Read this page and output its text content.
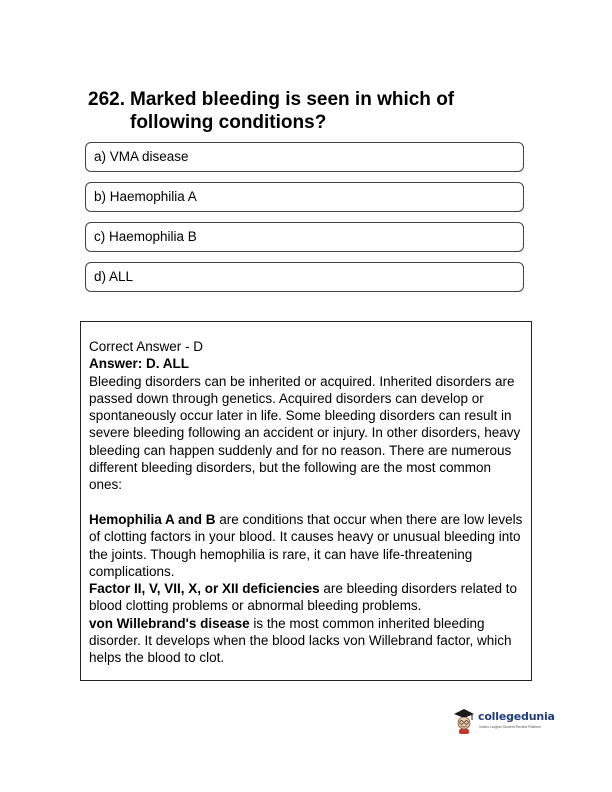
262. Marked bleeding is seen in which of
following conditions?
a) VMA disease
b) Haemophilia A
c) Haemophilia B
d) ALL

Correct Answer - D

Answer: D. ALL

Bleeding disorders can be inherited or acquired. Inherited disorders are passed down through genetics. Acquired disorders can develop or spontaneously occur later in life. Some bleeding disorders can result in severe bleeding following an accident or injury. In other disorders, heavy bleeding can happen suddenly and for no reason. There are numerous different bleeding disorders, but the following are the most common ones:

Hemophilia A and B are conditions that occur when there are low levels of clotting factors in your blood. It causes heavy or unusual bleeding into the joints. Though hemophilia is rare, it can have life-threatening complications.

Factor II, V, VII, X, or XII deficiencies are bleeding disorders related to blood clotting problems or abnormal bleeding problems.

von Willebrand's disease is the most common inherited bleeding disorder. It develops when the blood lacks von Willebrand factor, which helps the blood to clot.

collegedunia
India's Largest Student Review Platform
